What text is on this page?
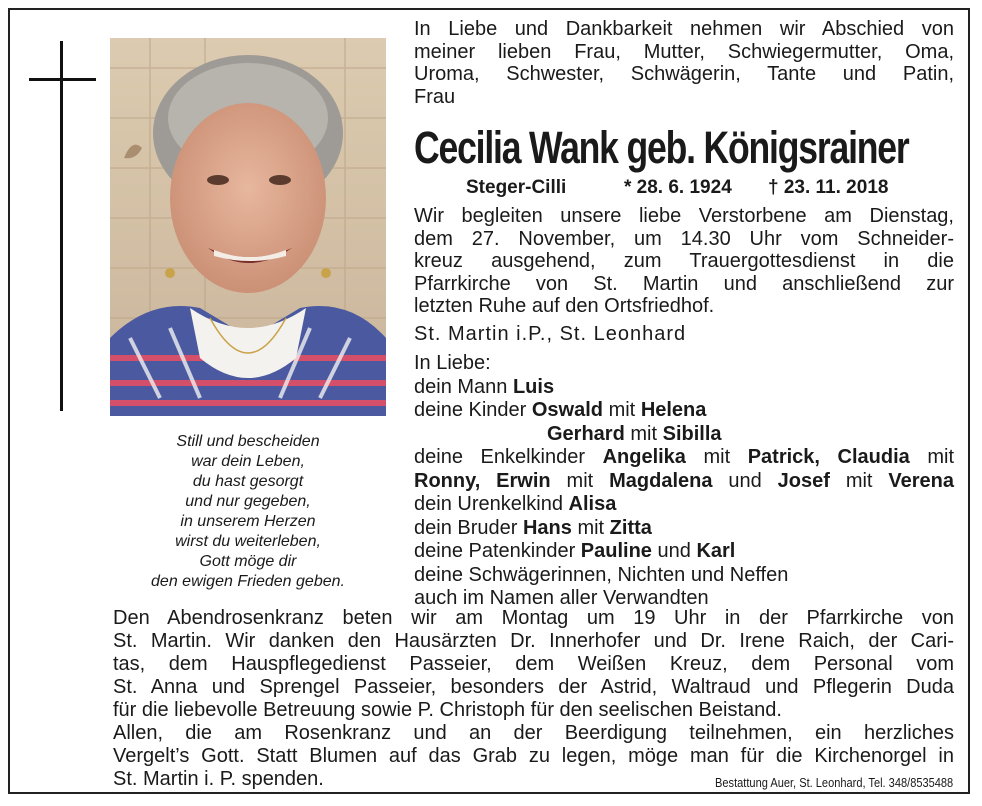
Still und bescheiden
war dein Leben,
du hast gesorgt
und nur gegeben,
in unserem Herzen
wirst du weiterleben,
Gott möge dir
den ewigen Frieden geben.
In Liebe und Dankbarkeit nehmen wir Abschied von
meiner lieben Frau, Mutter, Schwiegermutter, Oma,
Uroma, Schwester, Schwägerin, Tante und Patin,
Frau
Cecilia Wank geb. Königsrainer
Steger-Cilli	* 28. 6. 1924 † 23. 11. 2018
Wir begleiten unsere liebe Verstorbene am Dienstag,
dem 27. November, um 14.30 Uhr vom Schneider-
kreuz ausgehend, zum Trauergottesdienst in die
Pfarrkirche von St. Martin und anschließend zur
letzten Ruhe auf den Ortsfriedhof.
St. Martin i.P., St. Leonhard
In Liebe:
dein Mann Luis
deine Kinder Oswald mit Helena
Gerhard mit Sibilla
deine Enkelkinder Angelika mit Patrick, Claudia mit
Ronny, Erwin mit Magdalena und Josef mit Verena
dein Urenkelkind Alisa
dein Bruder Hans mit Zitta
deine Patenkinder Pauline und Karl
deine Schwägerinnen, Nichten und Neffen
auch im Namen aller Verwandten
Den Abendrosenkranz beten wir am Montag um 19 Uhr in der Pfarrkirche von
St. Martin. Wir danken den Hausärzten Dr. Innerhofer und Dr. Irene Raich, der Cari-
tas, dem Hauspflegedienst Passeier, dem Weißen Kreuz, dem Personal vom
St. Anna und Sprengel Passeier, besonders der Astrid, Waltraud und Pflegerin Duda
für die liebevolle Betreuung sowie P. Christoph für den seelischen Beistand.
Allen, die am Rosenkranz und an der Beerdigung teilnehmen, ein herzliches
Vergelt’s Gott. Statt Blumen auf das Grab zu legen, möge man für die Kirchenorgel in
St. Martin i. P. spenden.	Bestattung Auer, St. Leonhard, Tel. 348/8535488
